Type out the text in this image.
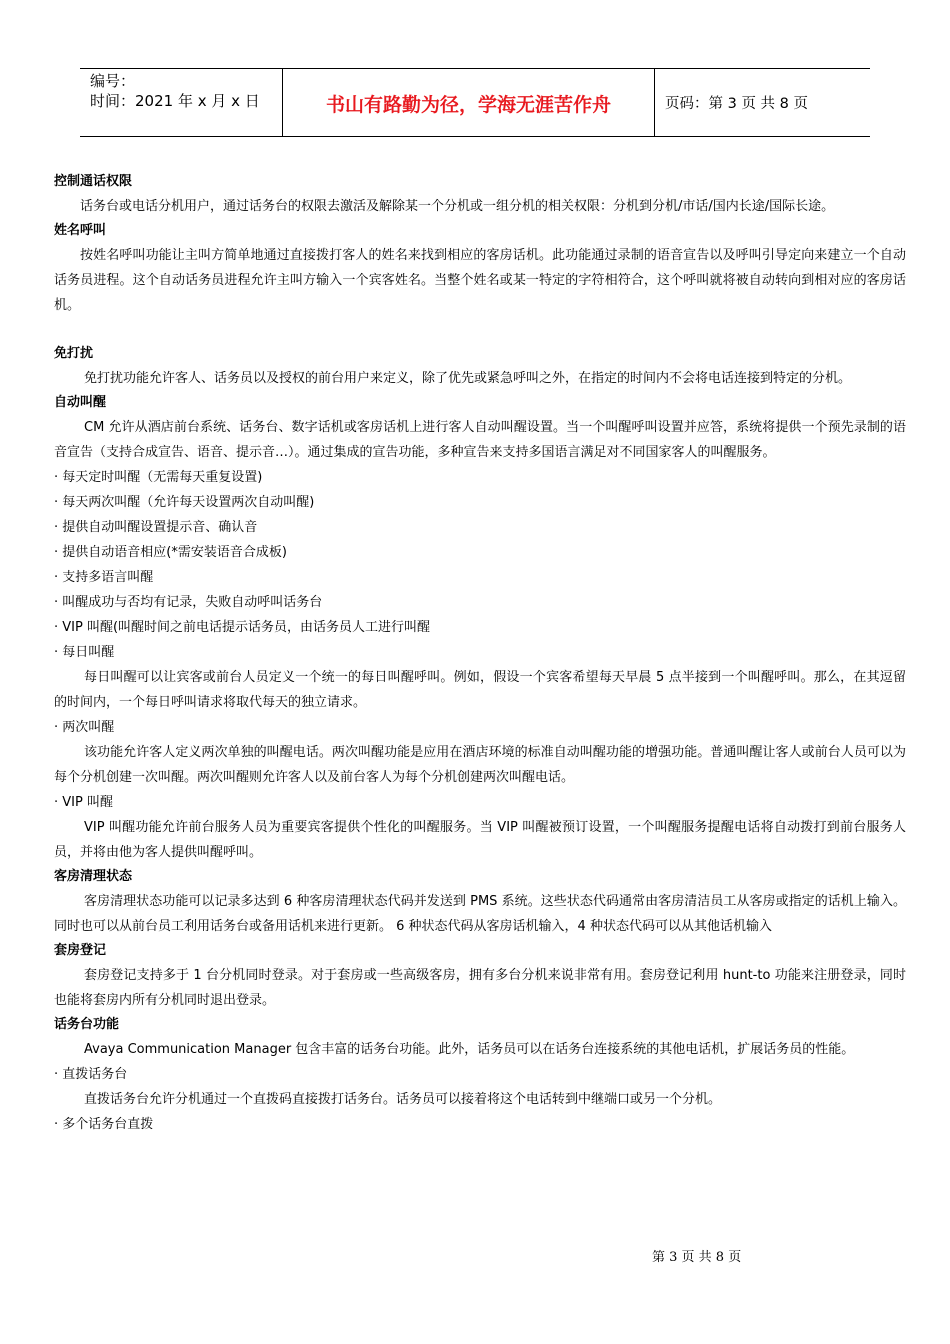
编号：
时间：2021 年 x 月 x 日	书山有路勤为径，学海无涯苦作舟	页码：第 3 页 共 8 页
控制通话权限
话务台或电话分机用户，通过话务台的权限去激活及解除某一个分机或一组分机的相关权限：分机到分机/市话/国内长途/国际长途。
姓名呼叫
按姓名呼叫功能让主叫方简单地通过直接拨打客人的姓名来找到相应的客房话机。此功能通过录制的语音宣告以及呼叫引导定向来建立一个自动话务员进程。这个自动话务员进程允许主叫方输入一个宾客姓名。当整个姓名或某一特定的字符相符合，这个呼叫就将被自动转向到相对应的客房话机。
免打扰
免打扰功能允许客人、话务员以及授权的前台用户来定义，除了优先或紧急呼叫之外，在指定的时间内不会将电话连接到特定的分机。
自动叫醒
CM 允许从酒店前台系统、话务台、数字话机或客房话机上进行客人自动叫醒设置。当一个叫醒呼叫设置并应答，系统将提供一个预先录制的语音宣告（支持合成宣告、语音、提示音…）。通过集成的宣告功能，多种宣告来支持多国语言满足对不同国家客人的叫醒服务。
· 每天定时叫醒（无需每天重复设置)
· 每天两次叫醒（允许每天设置两次自动叫醒)
· 提供自动叫醒设置提示音、确认音
· 提供自动语音相应(*需安装语音合成板)
· 支持多语言叫醒
· 叫醒成功与否均有记录，失败自动呼叫话务台
· VIP 叫醒(叫醒时间之前电话提示话务员，由话务员人工进行叫醒
· 每日叫醒
每日叫醒可以让宾客或前台人员定义一个统一的每日叫醒呼叫。例如，假设一个宾客希望每天早晨 5 点半接到一个叫醒呼叫。那么，在其逗留的时间内，一个每日呼叫请求将取代每天的独立请求。
· 两次叫醒
该功能允许客人定义两次单独的叫醒电话。两次叫醒功能是应用在酒店环境的标准自动叫醒功能的增强功能。普通叫醒让客人或前台人员可以为每个分机创建一次叫醒。两次叫醒则允许客人以及前台客人为每个分机创建两次叫醒电话。
· VIP 叫醒
VIP 叫醒功能允许前台服务人员为重要宾客提供个性化的叫醒服务。当 VIP 叫醒被预订设置，一个叫醒服务提醒电话将自动拨打到前台服务人员，并将由他为客人提供叫醒呼叫。
客房清理状态
客房清理状态功能可以记录多达到 6 种客房清理状态代码并发送到 PMS 系统。这些状态代码通常由客房清洁员工从客房或指定的话机上输入。同时也可以从前台员工利用话务台或备用话机来进行更新。 6 种状态代码从客房话机输入，4 种状态代码可以从其他话机输入
套房登记
套房登记支持多于 1 台分机同时登录。对于套房或一些高级客房，拥有多台分机来说非常有用。套房登记利用 hunt-to 功能来注册登录，同时也能将套房内所有分机同时退出登录。
话务台功能
Avaya Communication Manager 包含丰富的话务台功能。此外，话务员可以在话务台连接系统的其他电话机，扩展话务员的性能。
· 直拨话务台
直拨话务台允许分机通过一个直拨码直接拨打话务台。话务员可以接着将这个电话转到中继端口或另一个分机。
· 多个话务台直拨
第 3 页 共 8 页
